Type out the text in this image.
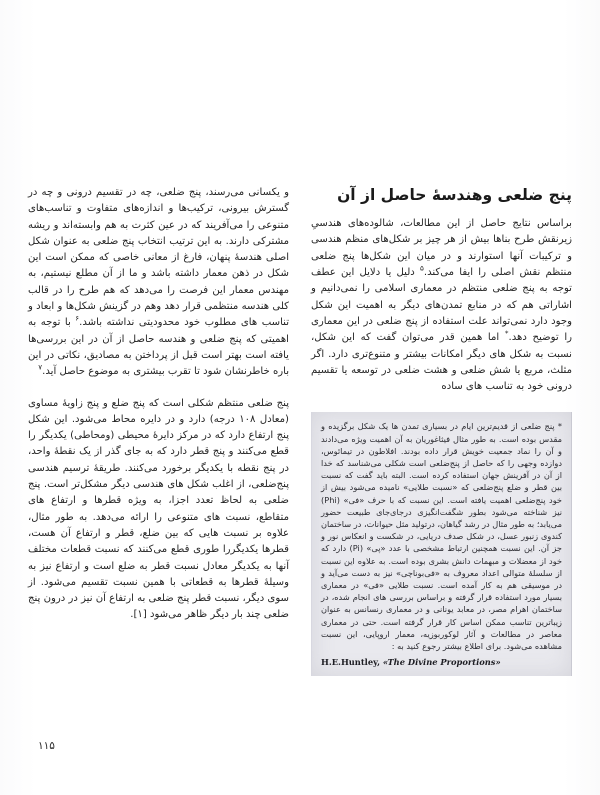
پنج ضلعی وهندسهٔ حاصل از آن

براساس نتایج حاصل از این مطالعات، شالوده‌های هندسیِ زیرنقش طرح بناها بیش از هر چیز بر شکل‌های منظم هندسی و ترکیبات آنها استوارند و در میان این شکل‌ها پنج ضلعی منتظم نقش اصلی را ایفا می‌کند.$^۵$ دلیل یا دلایل این عطف توجه به پنج ضلعی منتظم در معماری اسلامی را نمی‌دانیم و اشاراتی هم که در منابع تمدن‌های دیگر به اهمیت این شکل وجود دارد نمی‌تواند علت استفاده از پنج ضلعی در این معماری را توضیح دهد.* اما همین قدر می‌توان گفت که این شکل، نسبت به شکل های دیگر امکانات بیشتر و متنوع‌تری دارد. اگر مثلث، مربع یا شش ضلعی و هشت ضلعی در توسعه یا تقسیم درونی خود به تناسب های ساده

* پنج ضلعی از قدیم‌ترین ایام در بسیاری تمدن ها یک شکل برگزیده و مقدس بوده است. به طور مثال فیثاغوریان به آن اهمیت ویژه می‌دادند و آن را نماد جمعیت خویش قرار داده بودند. افلاطون در تیمائوس، دوازده وجهی را که حاصل از پنج‌ضلعی است شکلی می‌شناسد که خدا از آن در آفرینش جهان استفاده کرده است. البته باید گفت که نسبت بین قطر و ضلع پنج‌ضلعی که «نسبت طلایی» نامیده می‌شود بیش از خود پنج‌ضلعی اهمیت یافته است. این نسبت که با حرف «فی» (Phi) نیز شناخته می‌شود بطور شگفت‌انگیزی درجای‌جای طبیعت حضور می‌یابد؛ به طور مثال در رشد گیاهان، درتولید مثل حیوانات، در ساختمان کندوی زنبور عسل، در شکل صدف دریایی، در شکست و انعکاس نور و جز آن. این نسبت همچنین ارتباط مشخصی با عدد «پی» (Pi) دارد که خود از معضلات و مبهمات دانش بشری بوده است. به علاوه این نسبت از سلسلهٔ متوالی اعداد معروف به «فی‌بوناچی» نیز به دست می‌آید و در موسیقی هم به کار آمده است. نسبت طلایی «فی» در معماری بسیار مورد استفاده قرار گرفته و براساس بررسی های انجام شده، در ساختمان اهرام مصر، در معابد یونانی و در معماری رنسانس به عنوان زیباترین تناسب ممکن اساس کار قرار گرفته است. حتی در معماری معاصر در مطالعات و آثار لوکوربوزیه، معمار اروپایی، این نسبت مشاهده می‌شود. برای اطلاع بیشتر رجوع کنید به :

H.E.Huntley, «The Divine Proportions»

و یکسانی می‌رسند، پنج ضلعی، چه در تقسیم درونی و چه در گسترش بیرونی، ترکیب‌ها و اندازه‌های متفاوت و تناسب‌های متنوعی را می‌آفریند که در عین کثرت به هم وابسته‌اند و ریشه مشترکی دارند. به این ترتیب انتخاب پنج ضلعی به عنوان شکل اصلی هندسهٔ پنهان، فارغ از معانی خاصی که ممکن است این شکل در ذهن معمار داشته باشد و ما از آن مطلع نیستیم، به مهندس معمار این فرصت را می‌دهد که هم طرح را در قالب کلی هندسه منتظمی قرار دهد وهم در گزینش شکل‌ها و ابعاد و تناسب های مطلوب خود محدودیتی نداشته باشد.$^۶$ با توجه به اهمیتی که پنج ضلعی و هندسه حاصل از آن در این بررسی‌ها یافته است بهتر است قبل از پرداختن به مصادیق، نکاتی در این باره خاطرنشان شود تا تقرب بیشتری به موضوع حاصل آید.$^۷$

پنج ضلعی منتظم شکلی است که پنج ضلع و پنج زاویهٔ مساوی (معادل ۱۰۸ درجه) دارد و در دایره محاط می‌شود. این شکل پنج ارتفاع دارد که در مرکز دایرهٔ محیطی (ومحاطی) یکدیگر را قطع می‌کنند و پنج قطر دارد که به جای گذر از یک نقطهٔ واحد، در پنج نقطه با یکدیگر برخورد می‌کنند. طریقهٔ ترسیم هندسی پنج‌ضلعی، از اغلب شکل های هندسی دیگر مشکل‌تر است. پنج ضلعی به لحاظ تعدد اجزا، به ویژه قطرها و ارتفاع های متقاطع، نسبت های متنوعی را ارائه می‌دهد. به طور مثال، علاوه بر نسبت هایی که بین ضلع، قطر و ارتفاع آن هست، قطرها یکدیگررا طوری قطع می‌کنند که نسبت قطعات مختلف آنها به یکدیگر معادل نسبت قطر به ضلع است و ارتفاع نیز به وسیلهٔ قطرها به قطعاتی با همین نسبت تقسیم می‌شود. از سوی دیگر، نسبت قطر پنج ضلعی به ارتفاع آن نیز در درون پنج ضلعی چند بار دیگر ظاهر می‌شود [۱].

۱۱۵
